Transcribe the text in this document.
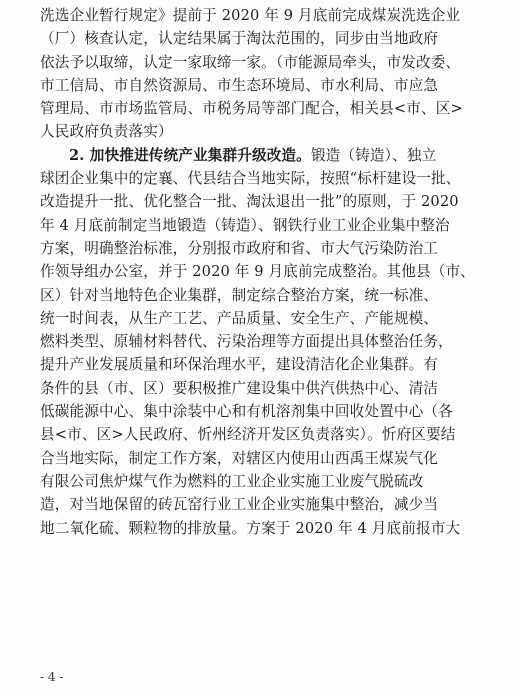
洗选企业暂行规定》提前于 2020 年 9 月底前完成煤炭洗选企业
（厂）核查认定，认定结果属于淘汰范围的，同步由当地政府
依法予以取缔，认定一家取缔一家。（市能源局牵头，市发改委、
市工信局、市自然资源局、市生态环境局、市水利局、市应急
管理局、市市场监管局、市税务局等部门配合，相关县<市、区>
人民政府负责落实）
2. 加快推进传统产业集群升级改造。锻造（铸造）、独立
球团企业集中的定襄、代县结合当地实际，按照“标杆建设一批、
改造提升一批、优化整合一批、淘汰退出一批”的原则，于 2020
年 4 月底前制定当地锻造（铸造）、钢铁行业工业企业集中整治
方案，明确整治标准，分别报市政府和省、市大气污染防治工
作领导组办公室，并于 2020 年 9 月底前完成整治。其他县（市、
区）针对当地特色企业集群，制定综合整治方案，统一标准、
统一时间表，从生产工艺、产品质量、安全生产、产能规模、
燃料类型、原辅材料替代、污染治理等方面提出具体整治任务，
提升产业发展质量和环保治理水平，建设清洁化企业集群。有
条件的县（市、区）要积极推广建设集中供汽供热中心、清洁
低碳能源中心、集中涂装中心和有机溶剂集中回收处置中心（各
县<市、区>人民政府、忻州经济开发区负责落实）。忻府区要结
合当地实际，制定工作方案，对辖区内使用山西禹王煤炭气化
有限公司焦炉煤气作为燃料的工业企业实施工业废气脱硫改
造，对当地保留的砖瓦窑行业工业企业实施集中整治，减少当
地二氧化硫、颗粒物的排放量。方案于 2020 年 4 月底前报市大
- 4 -
